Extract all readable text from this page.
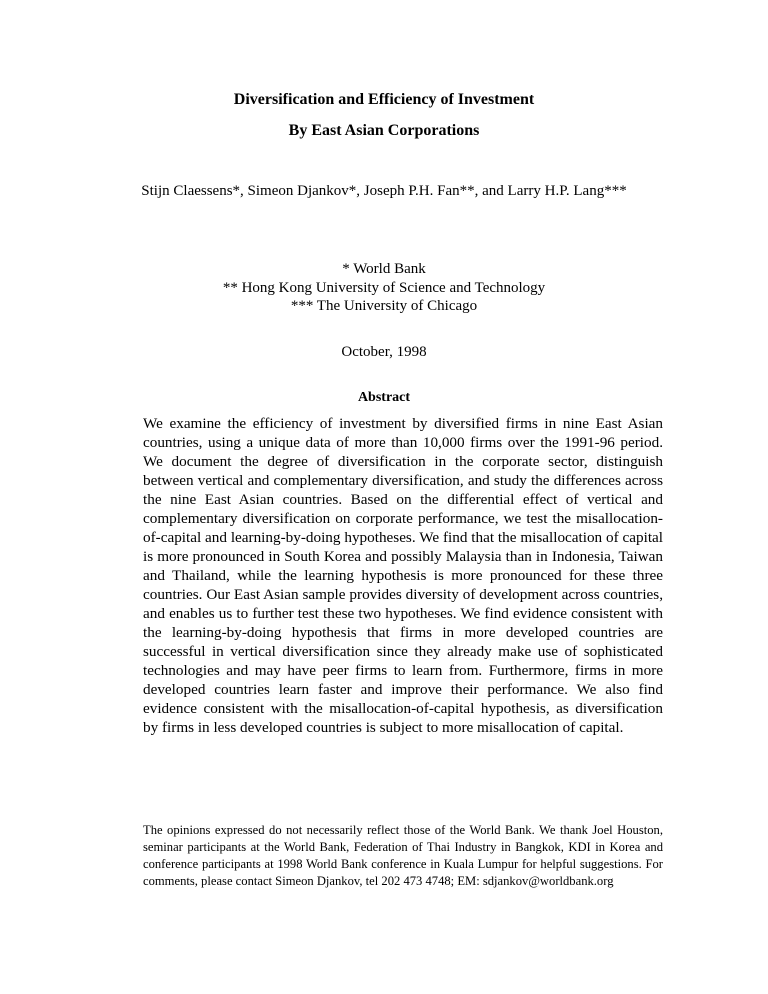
Diversification and Efficiency of Investment
By East Asian Corporations
Stijn Claessens*, Simeon Djankov*, Joseph P.H. Fan**, and Larry H.P. Lang***
* World Bank
** Hong Kong University of Science and Technology
*** The University of Chicago
October, 1998
Abstract
We examine the efficiency of investment by diversified firms in nine East Asian countries, using a unique data of more than 10,000 firms over the 1991-96 period. We document the degree of diversification in the corporate sector, distinguish between vertical and complementary diversification, and study the differences across the nine East Asian countries. Based on the differential effect of vertical and complementary diversification on corporate performance, we test the misallocation-of-capital and learning-by-doing hypotheses. We find that the misallocation of capital is more pronounced in South Korea and possibly Malaysia than in Indonesia, Taiwan and Thailand, while the learning hypothesis is more pronounced for these three countries. Our East Asian sample provides diversity of development across countries, and enables us to further test these two hypotheses. We find evidence consistent with the learning-by-doing hypothesis that firms in more developed countries are successful in vertical diversification since they already make use of sophisticated technologies and may have peer firms to learn from. Furthermore, firms in more developed countries learn faster and improve their performance. We also find evidence consistent with the misallocation-of-capital hypothesis, as diversification by firms in less developed countries is subject to more misallocation of capital.
The opinions expressed do not necessarily reflect those of the World Bank. We thank Joel Houston, seminar participants at the World Bank, Federation of Thai Industry in Bangkok, KDI in Korea and conference participants at 1998 World Bank conference in Kuala Lumpur for helpful suggestions. For comments, please contact Simeon Djankov, tel 202 473 4748; EM: sdjankov@worldbank.org
